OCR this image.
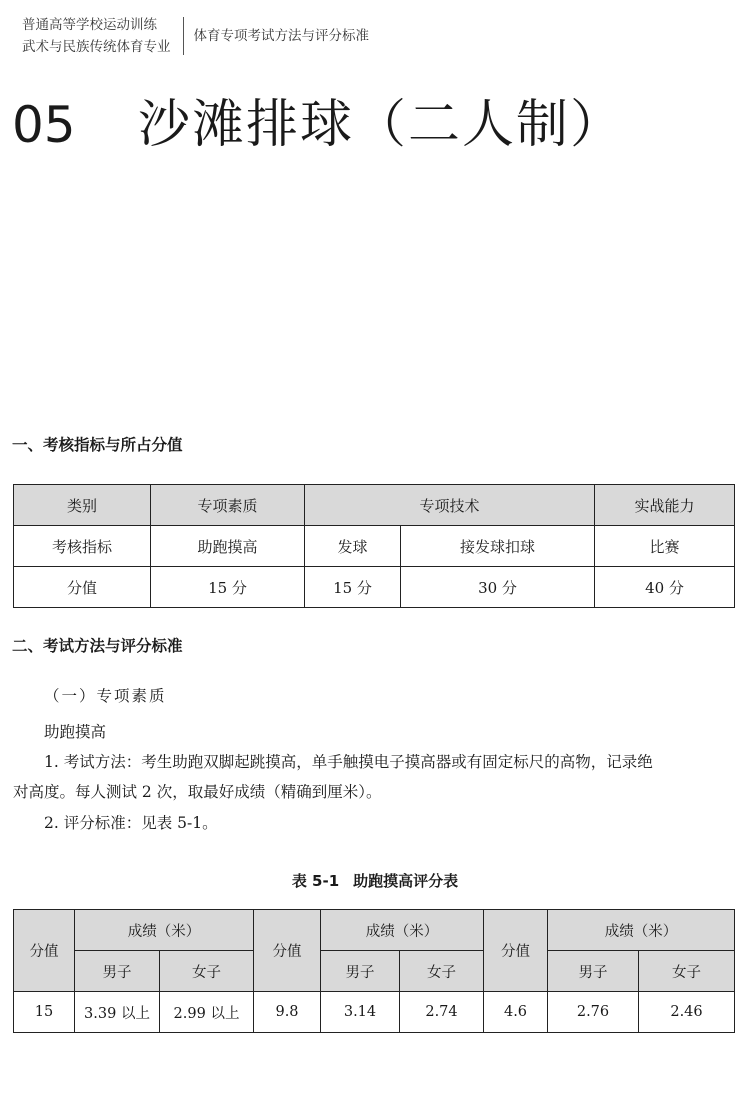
普通高等学校运动训练
武术与民族传统体育专业
体育专项考试方法与评分标准
05 沙滩排球（二人制）
一、考核指标与所占分值
类别	专项素质	专项技术		实战能力
考核指标	助跑摸高	发球	接发球扣球	比赛
分值	15 分	15 分	30 分	40 分
二、考试方法与评分标准
（一）专项素质
助跑摸高
1. 考试方法：考生助跑双脚起跳摸高，单手触摸电子摸高器或有固定标尺的高物，记录绝
对高度。每人测试 2 次，取最好成绩（精确到厘米）。
2. 评分标准：见表 5-1。
表 5-1 助跑摸高评分表
分值	成绩（米）		分值	成绩（米）		分值	成绩（米）	
	男子	女子		男子	女子		男子	女子
15	3.39 以上	2.99 以上	9.8	3.14	2.74	4.6	2.76	2.46
